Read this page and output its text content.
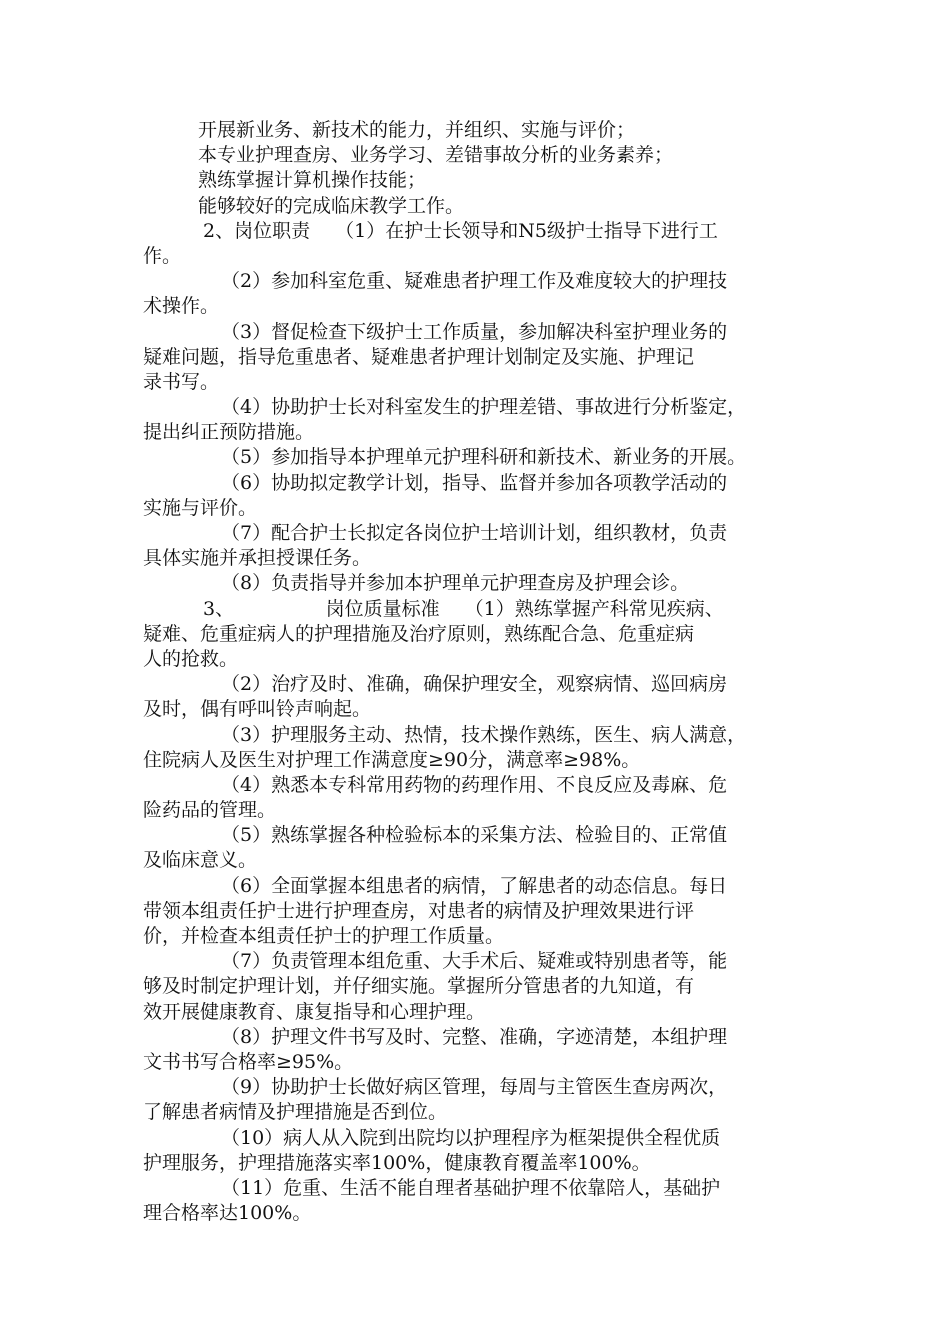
开展新业务、新技术的能力，并组织、实施与评价；
本专业护理查房、业务学习、差错事故分析的业务素养；
熟练掌握计算机操作技能；
能够较好的完成临床教学工作。
2、岗位职责　 （1）在护士长领导和N5级护士指导下进行工
作。
（2）参加科室危重、疑难患者护理工作及难度较大的护理技
术操作。
（3）督促检查下级护士工作质量，参加解决科室护理业务的
疑难问题，指导危重患者、疑难患者护理计划制定及实施、护理记
录书写。
（4）协助护士长对科室发生的护理差错、事故进行分析鉴定，
提出纠正预防措施。
（5）参加指导本护理单元护理科研和新技术、新业务的开展。
（6）协助拟定教学计划，指导、监督并参加各项教学活动的
实施与评价。
（7）配合护士长拟定各岗位护士培训计划，组织教材，负责
具体实施并承担授课任务。
（8）负责指导并参加本护理单元护理查房及护理会诊。
3、　　　　　 岗位质量标准　 （1）熟练掌握产科常见疾病、
疑难、危重症病人的护理措施及治疗原则，熟练配合急、危重症病
人的抢救。
（2）治疗及时、准确，确保护理安全，观察病情、巡回病房
及时，偶有呼叫铃声响起。
（3）护理服务主动、热情，技术操作熟练，医生、病人满意，
住院病人及医生对护理工作满意度≥90分，满意率≥98%。
（4）熟悉本专科常用药物的药理作用、不良反应及毒麻、危
险药品的管理。
（5）熟练掌握各种检验标本的采集方法、检验目的、正常值
及临床意义。
（6）全面掌握本组患者的病情，了解患者的动态信息。每日
带领本组责任护士进行护理查房，对患者的病情及护理效果进行评
价，并检查本组责任护士的护理工作质量。
（7）负责管理本组危重、大手术后、疑难或特别患者等，能
够及时制定护理计划，并仔细实施。掌握所分管患者的九知道，有
效开展健康教育、康复指导和心理护理。
（8）护理文件书写及时、完整、准确，字迹清楚，本组护理
文书书写合格率≥95%。
（9）协助护士长做好病区管理，每周与主管医生查房两次，
了解患者病情及护理措施是否到位。
（10）病人从入院到出院均以护理程序为框架提供全程优质
护理服务，护理措施落实率100%，健康教育覆盖率100%。
（11）危重、生活不能自理者基础护理不依靠陪人，基础护
理合格率达100%。
